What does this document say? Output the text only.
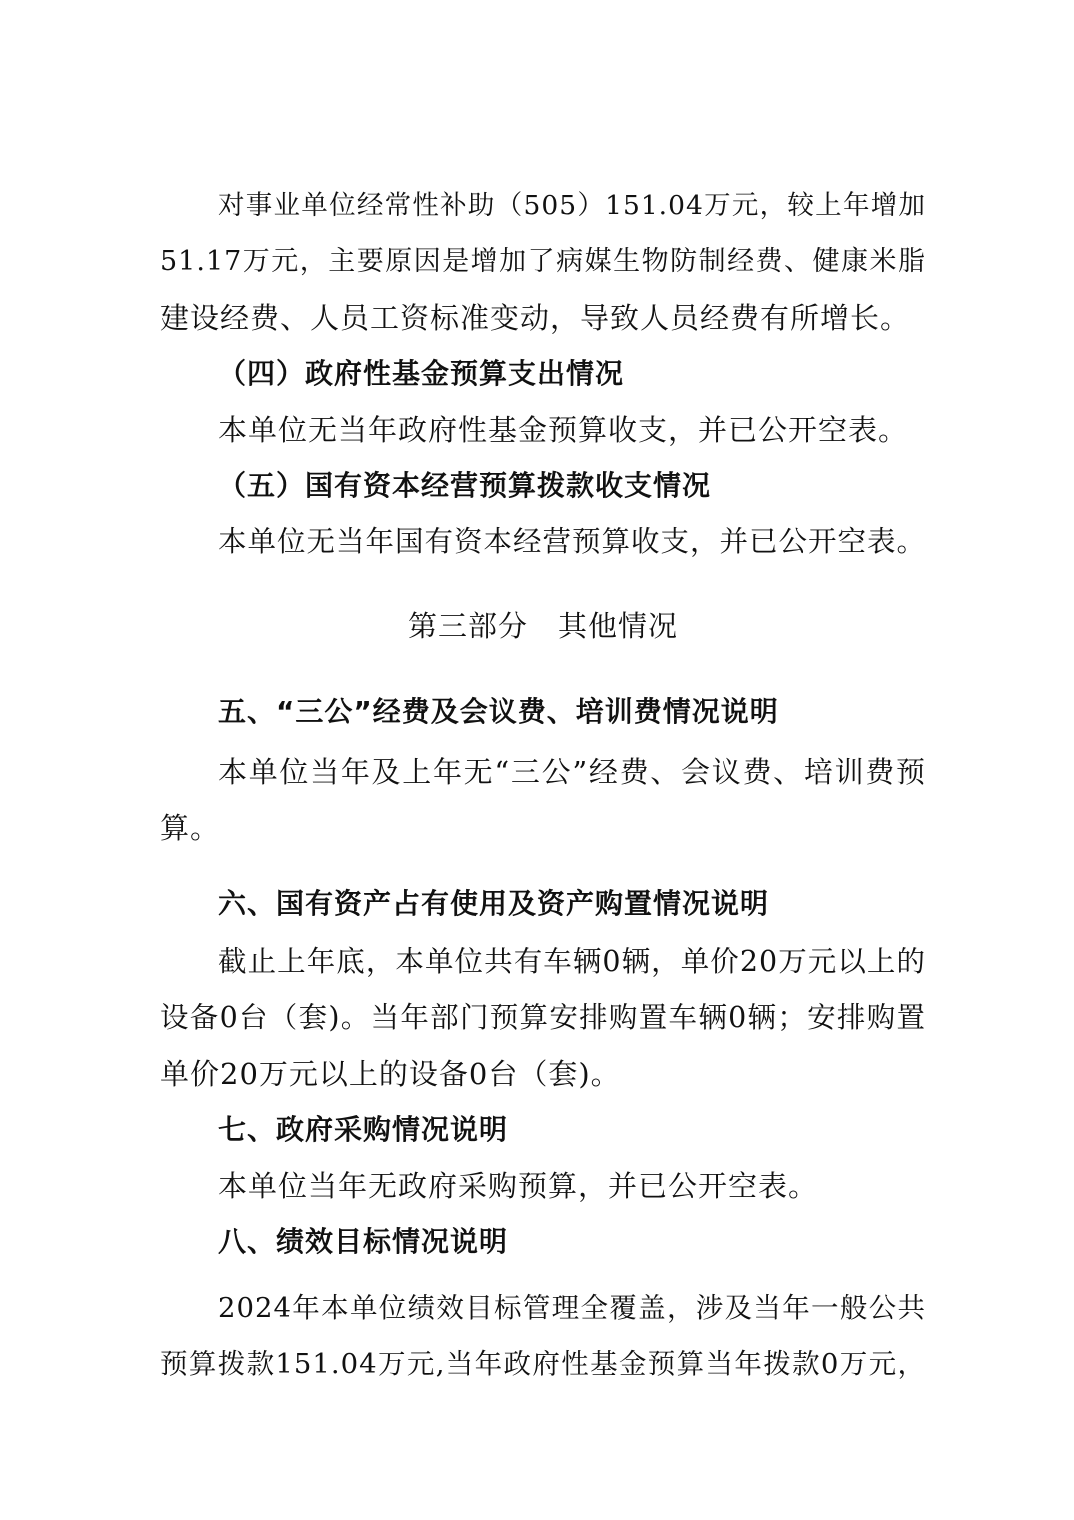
对事业单位经常性补助（505）151.04万元，较上年增加
51.17万元，主要原因是增加了病媒生物防制经费、健康米脂
建设经费、人员工资标准变动，导致人员经费有所增长。
（四）政府性基金预算支出情况
本单位无当年政府性基金预算收支，并已公开空表。
（五）国有资本经营预算拨款收支情况
本单位无当年国有资本经营预算收支，并已公开空表。
第三部分　其他情况
五、“三公”经费及会议费、培训费情况说明
本单位当年及上年无“三公”经费、会议费、培训费预
算。
六、国有资产占有使用及资产购置情况说明
截止上年底，本单位共有车辆0辆，单价20万元以上的
设备0台（套)。当年部门预算安排购置车辆0辆；安排购置
单价20万元以上的设备0台（套)。
七、政府采购情况说明
本单位当年无政府采购预算，并已公开空表。
八、绩效目标情况说明
2024年本单位绩效目标管理全覆盖，涉及当年一般公共
预算拨款151.04万元,当年政府性基金预算当年拨款0万元，
